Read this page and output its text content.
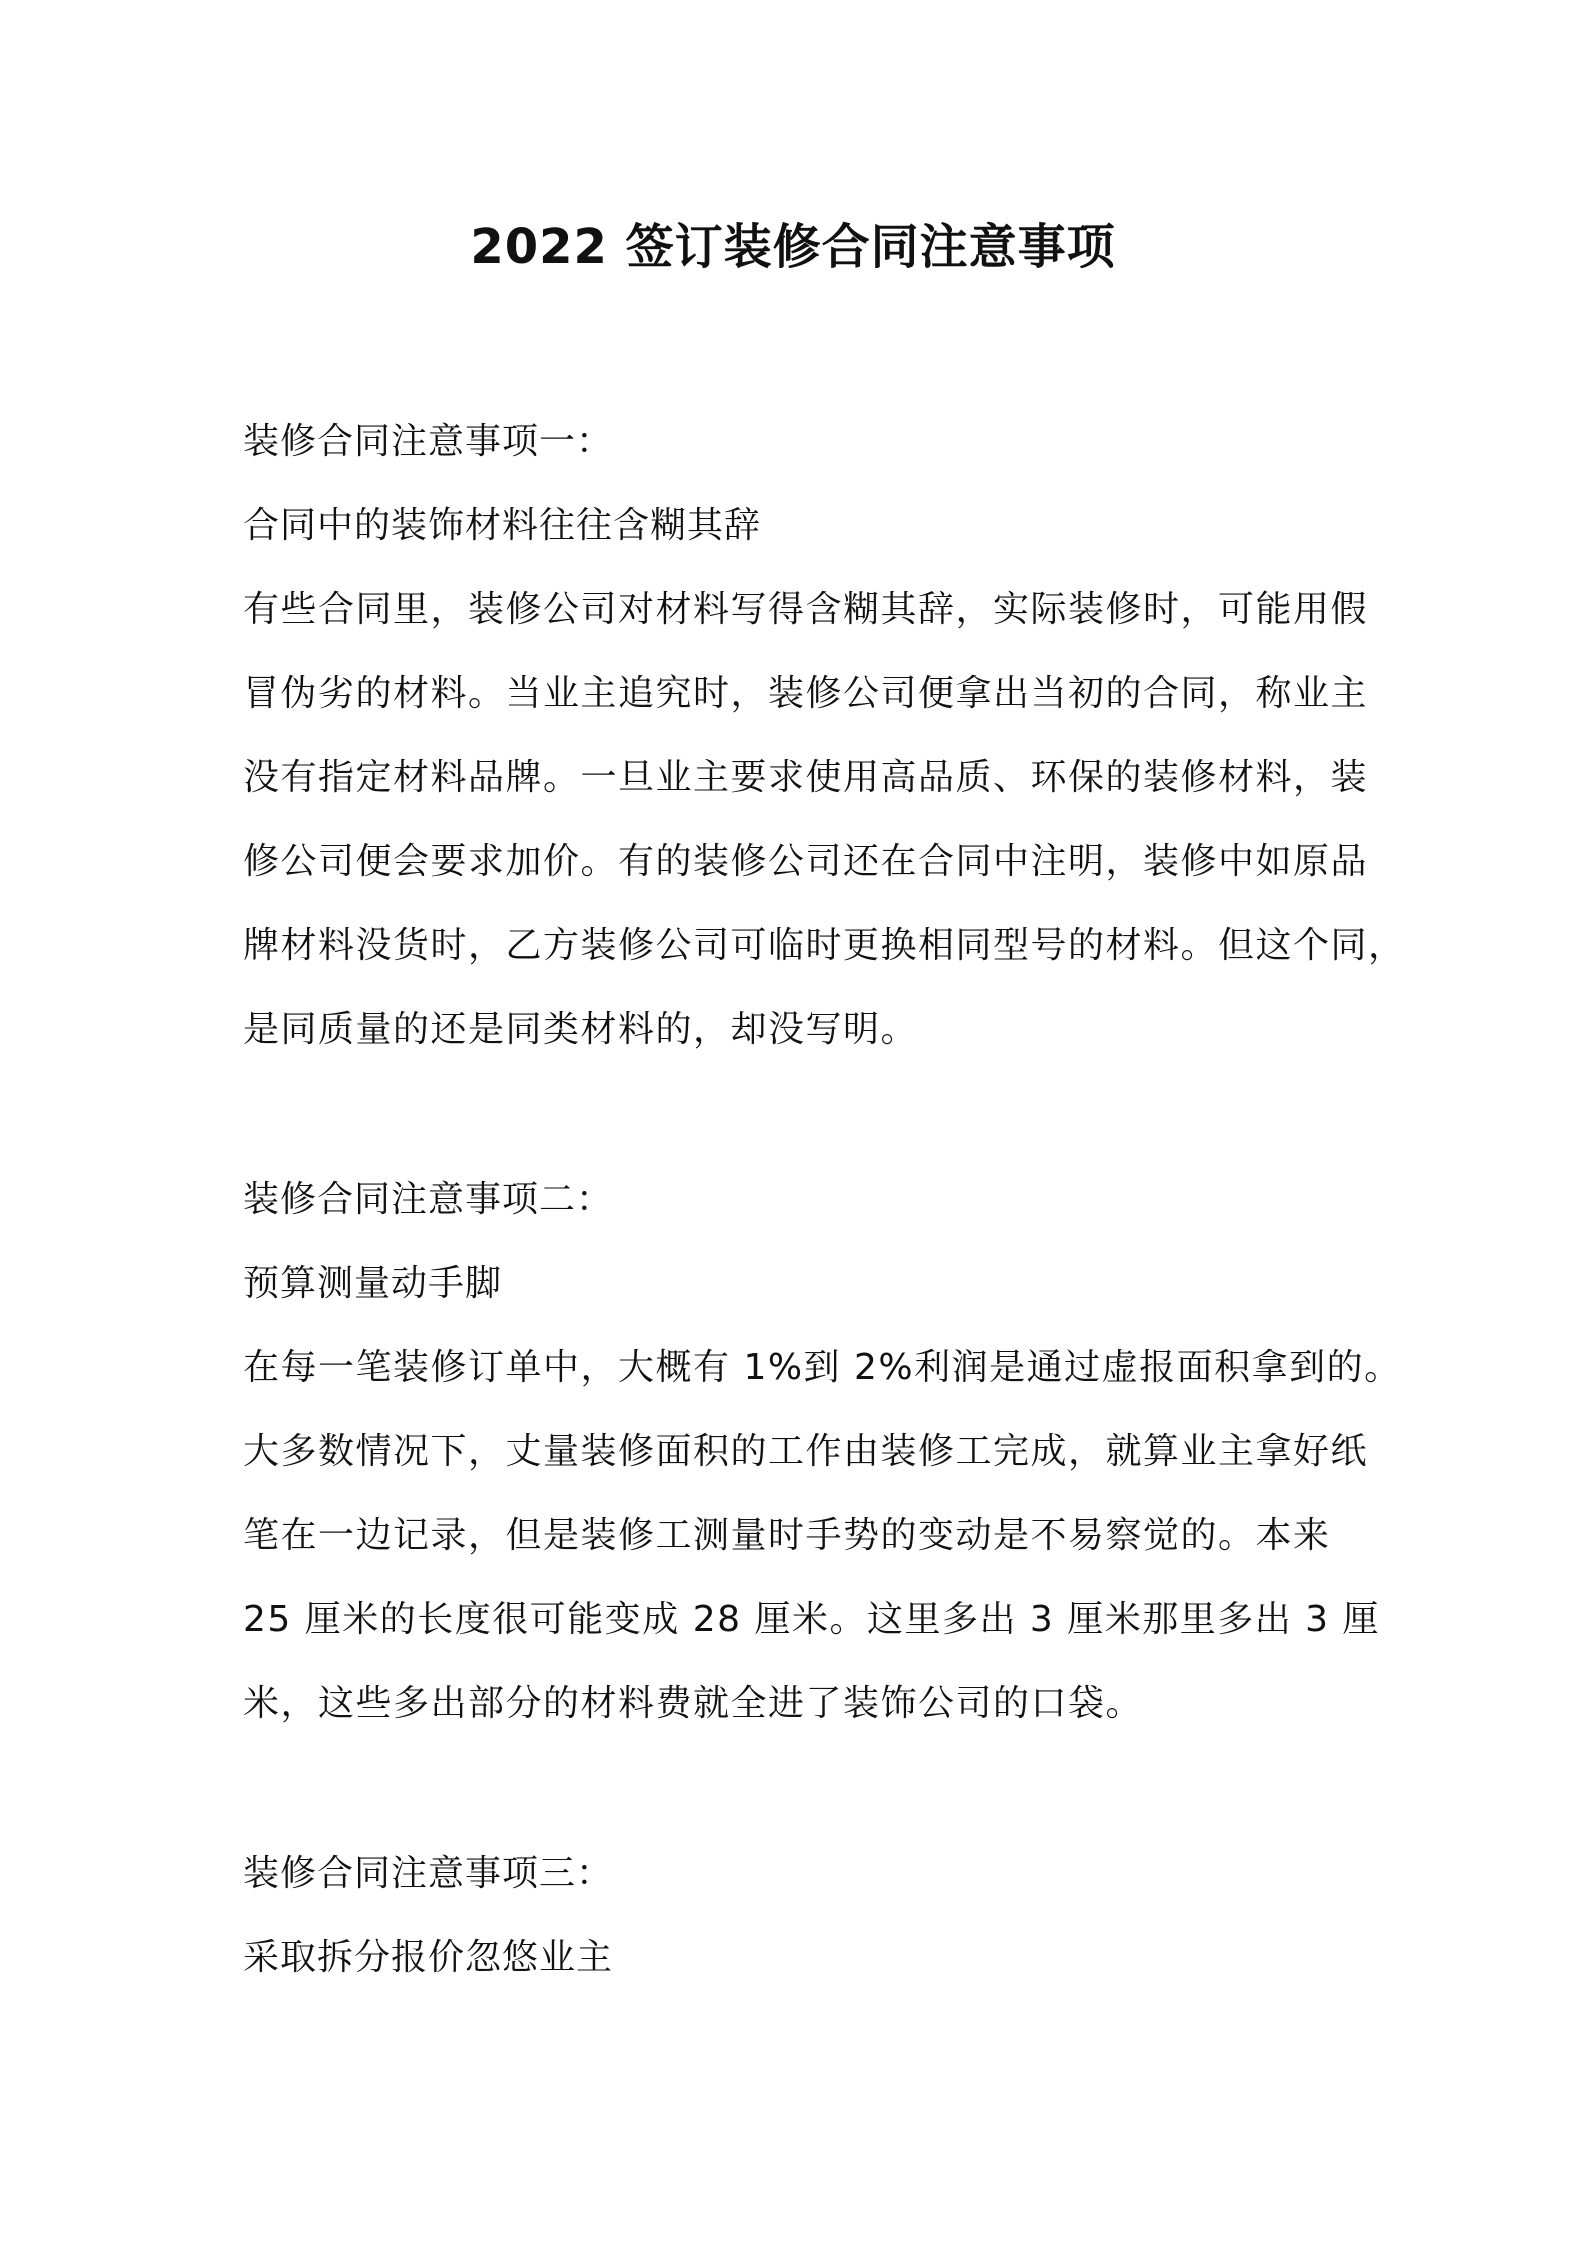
2022 签订装修合同注意事项

装修合同注意事项一：

合同中的装饰材料往往含糊其辞

有些合同里，装修公司对材料写得含糊其辞，实际装修时，可能用假

冒伪劣的材料。当业主追究时，装修公司便拿出当初的合同，称业主

没有指定材料品牌。一旦业主要求使用高品质、环保的装修材料，装

修公司便会要求加价。有的装修公司还在合同中注明，装修中如原品

牌材料没货时，乙方装修公司可临时更换相同型号的材料。但这个同，

是同质量的还是同类材料的，却没写明。

装修合同注意事项二：

预算测量动手脚

在每一笔装修订单中，大概有 1%到 2%利润是通过虚报面积拿到的。

大多数情况下，丈量装修面积的工作由装修工完成，就算业主拿好纸

笔在一边记录，但是装修工测量时手势的变动是不易察觉的。本来

25 厘米的长度很可能变成 28 厘米。这里多出 3 厘米那里多出 3 厘

米，这些多出部分的材料费就全进了装饰公司的口袋。

装修合同注意事项三：

采取拆分报价忽悠业主
